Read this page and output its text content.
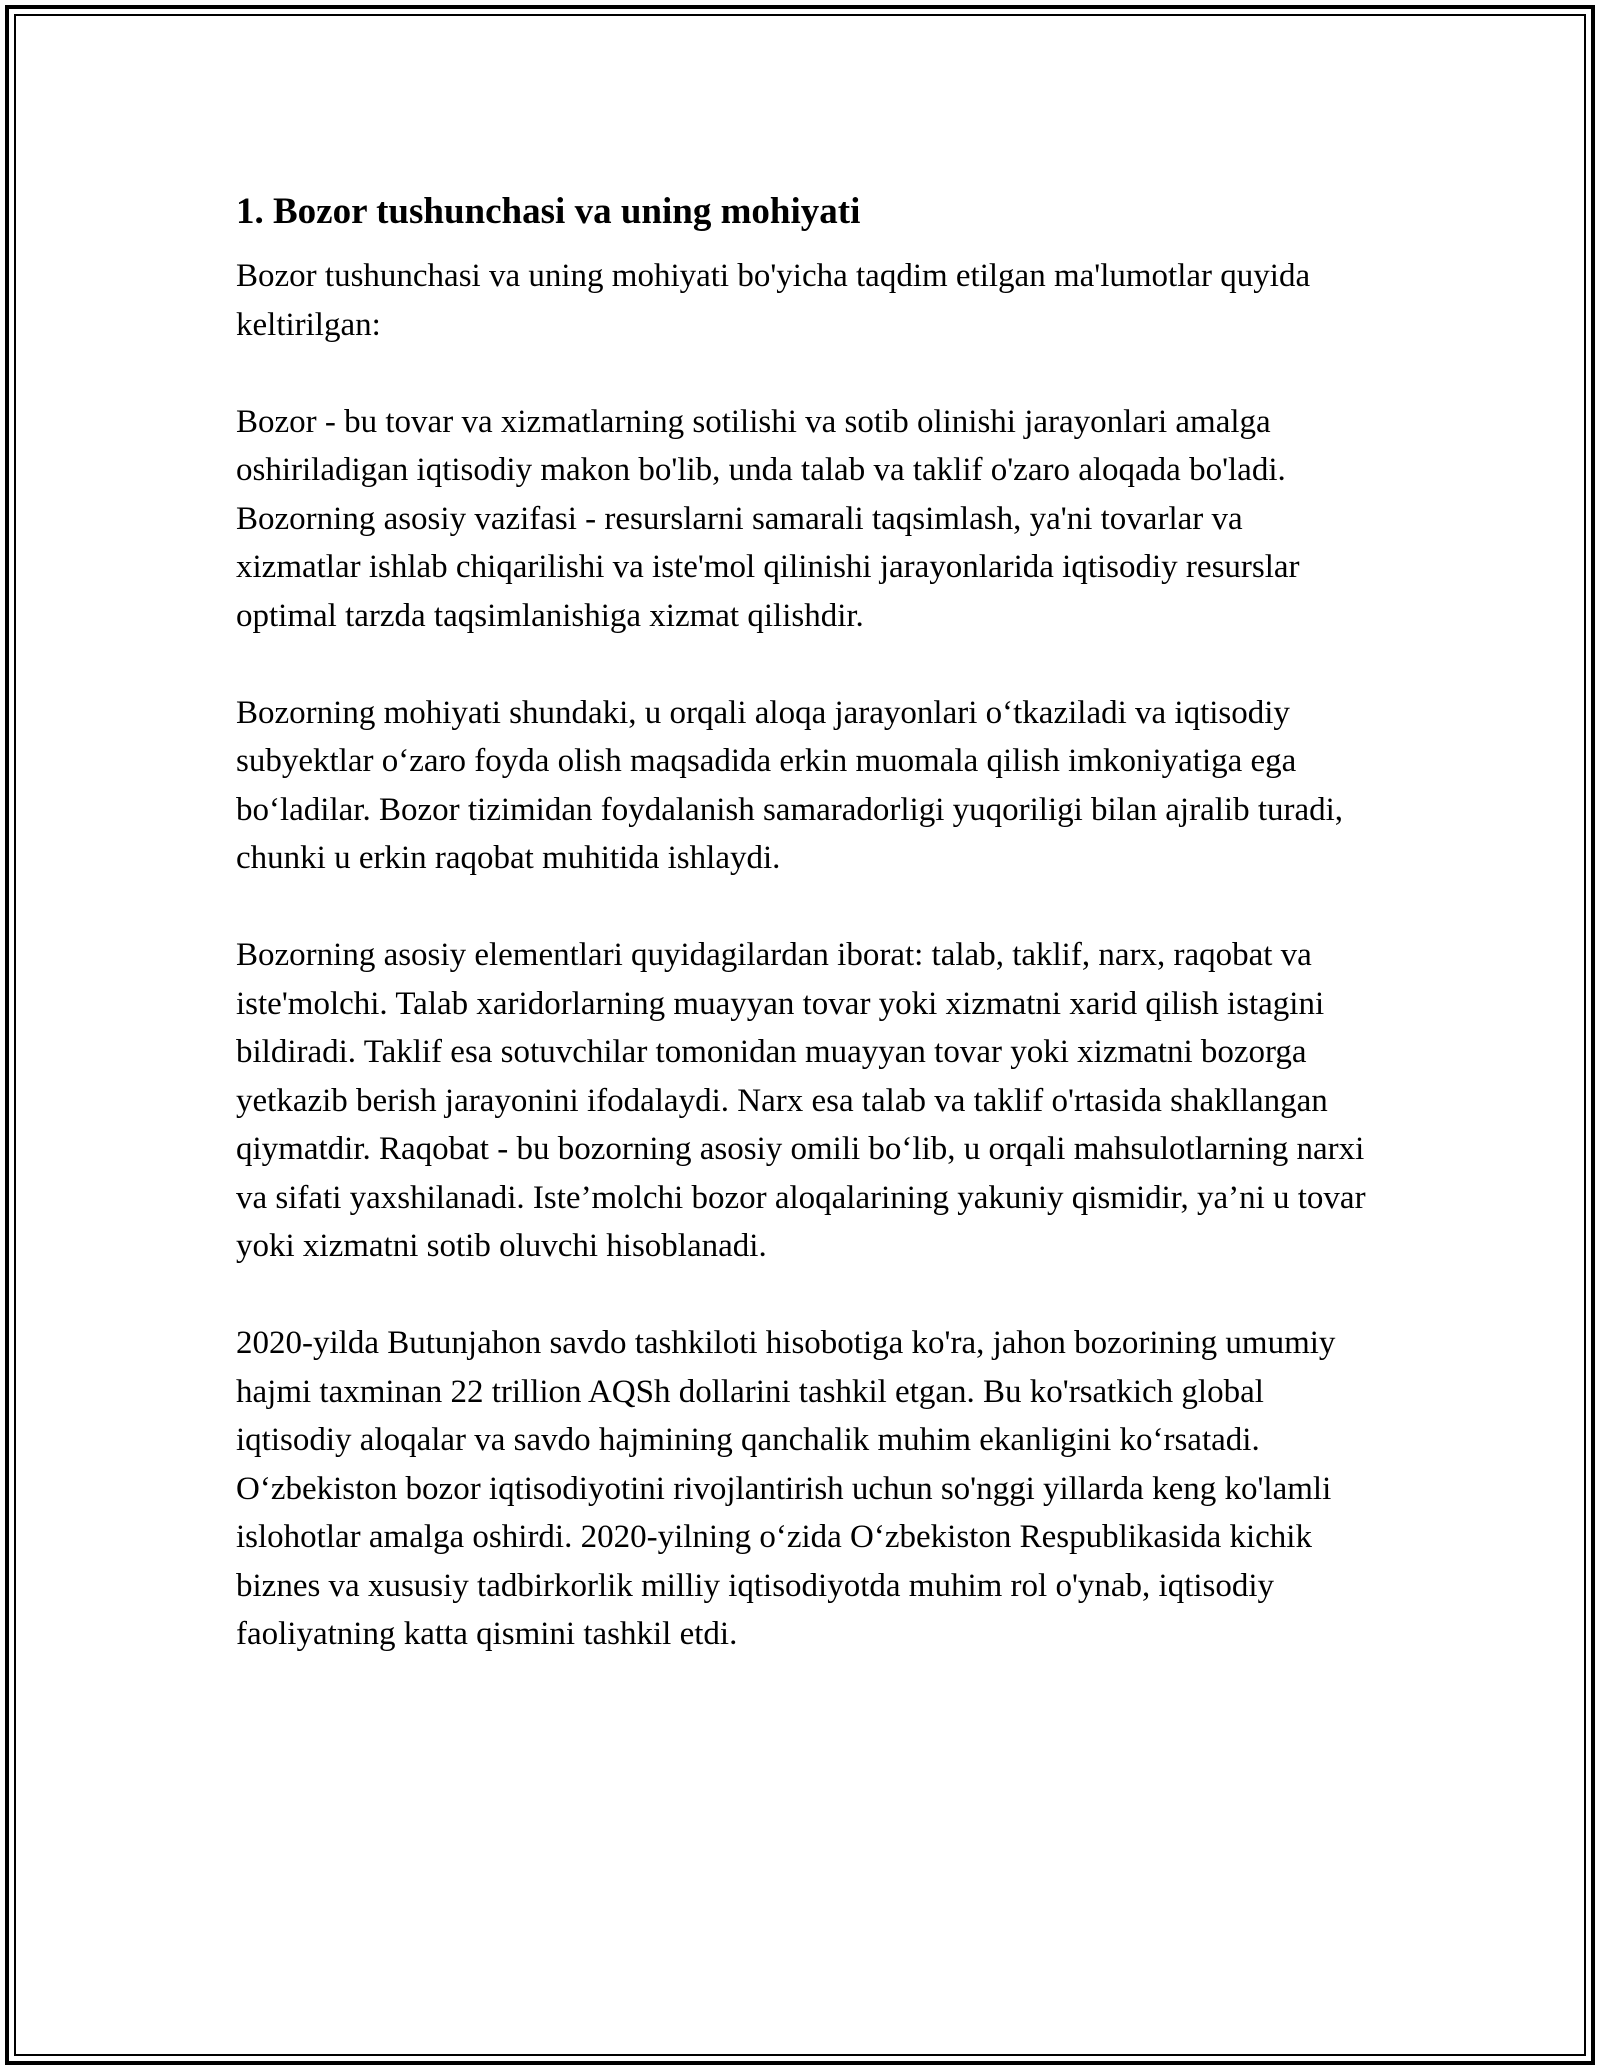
1. Bozor tushunchasi va uning mohiyati

Bozor tushunchasi va uning mohiyati bo'yicha taqdim etilgan ma'lumotlar quyida keltirilgan:

Bozor - bu tovar va xizmatlarning sotilishi va sotib olinishi jarayonlari amalga oshiriladigan iqtisodiy makon bo'lib, unda talab va taklif o'zaro aloqada bo'ladi. Bozorning asosiy vazifasi - resurslarni samarali taqsimlash, ya'ni tovarlar va xizmatlar ishlab chiqarilishi va iste'mol qilinishi jarayonlarida iqtisodiy resurslar optimal tarzda taqsimlanishiga xizmat qilishdir.

Bozorning mohiyati shundaki, u orqali aloqa jarayonlari o‘tkaziladi va iqtisodiy subyektlar o‘zaro foyda olish maqsadida erkin muomala qilish imkoniyatiga ega bo‘ladilar. Bozor tizimidan foydalanish samaradorligi yuqoriligi bilan ajralib turadi, chunki u erkin raqobat muhitida ishlaydi.

Bozorning asosiy elementlari quyidagilardan iborat: talab, taklif, narx, raqobat va iste'molchi. Talab xaridorlarning muayyan tovar yoki xizmatni xarid qilish istagini bildiradi. Taklif esa sotuvchilar tomonidan muayyan tovar yoki xizmatni bozorga yetkazib berish jarayonini ifodalaydi. Narx esa talab va taklif o'rtasida shakllangan qiymatdir. Raqobat - bu bozorning asosiy omili bo‘lib, u orqali mahsulotlarning narxi va sifati yaxshilanadi. Iste’molchi bozor aloqalarining yakuniy qismidir, ya’ni u tovar yoki xizmatni sotib oluvchi hisoblanadi.

2020-yilda Butunjahon savdo tashkiloti hisobotiga ko'ra, jahon bozorining umumiy hajmi taxminan 22 trillion AQSh dollarini tashkil etgan. Bu ko'rsatkich global iqtisodiy aloqalar va savdo hajmining qanchalik muhim ekanligini ko‘rsatadi. O‘zbekiston bozor iqtisodiyotini rivojlantirish uchun so'nggi yillarda keng ko'lamli islohotlar amalga oshirdi. 2020-yilning o‘zida O‘zbekiston Respublikasida kichik biznes va xususiy tadbirkorlik milliy iqtisodiyotda muhim rol o'ynab, iqtisodiy faoliyatning katta qismini tashkil etdi.
